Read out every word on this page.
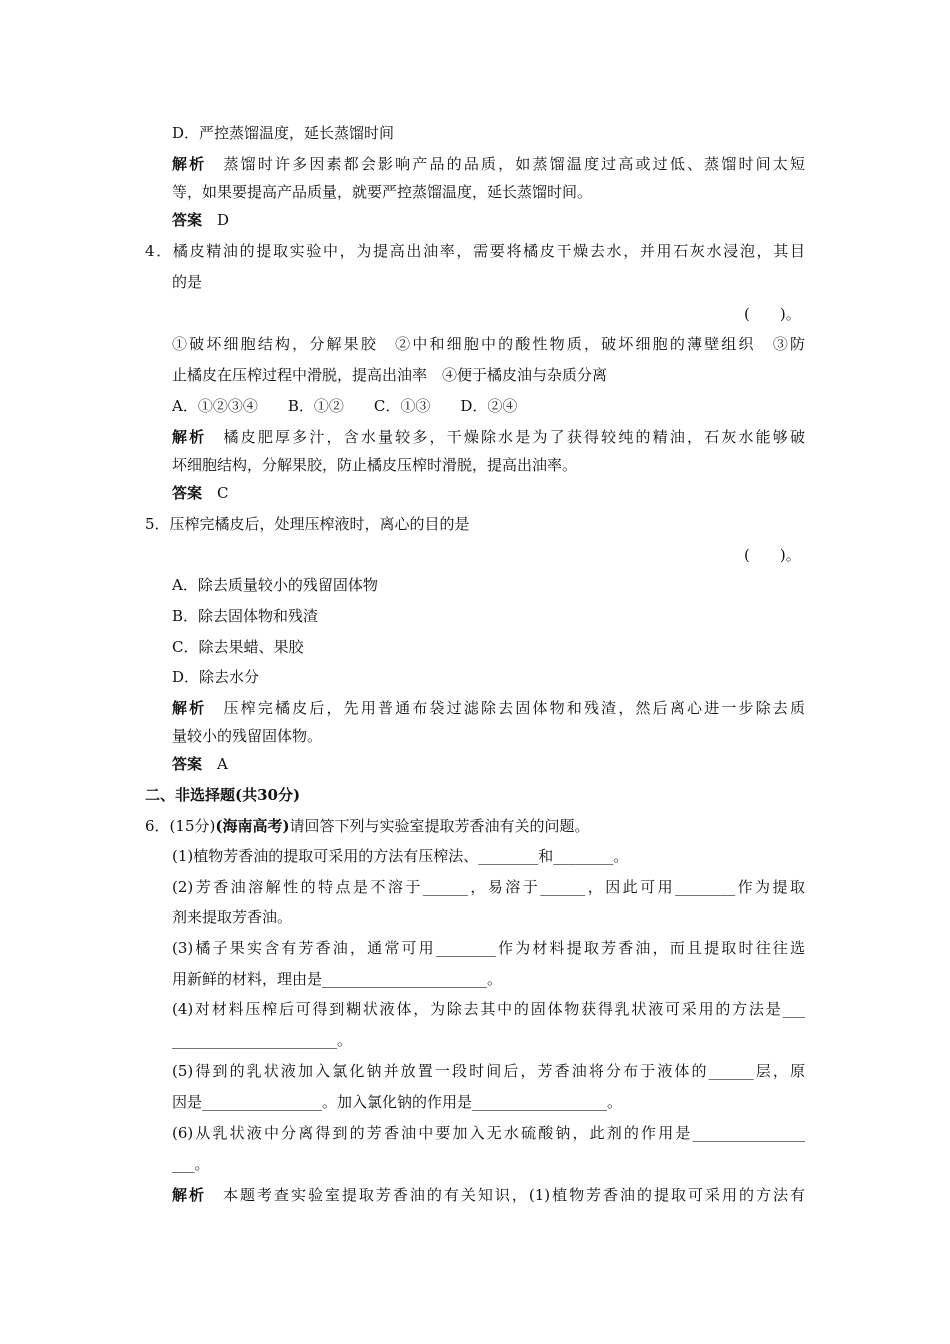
D．严控蒸馏温度，延长蒸馏时间
解析　 蒸馏时许多因素都会影响产品的品质，如蒸馏温度过高或过低、蒸馏时间太短
等，如果要提高产品质量，就要严控蒸馏温度，延长蒸馏时间。
答案　 D
4．橘皮精油的提取实验中，为提高出油率，需要将橘皮干燥去水，并用石灰水浸泡，其目
的是
(　　)。
①破坏细胞结构，分解果胶　②中和细胞中的酸性物质，破坏细胞的薄壁组织　③防
止橘皮在压榨过程中滑脱，提高出油率　④便于橘皮油与杂质分离
A．①②③④　　B．①②　　C．①③　　D．②④
解析　 橘皮肥厚多汁，含水量较多，干燥除水是为了获得较纯的精油，石灰水能够破
坏细胞结构，分解果胶，防止橘皮压榨时滑脱，提高出油率。
答案　 C
5．压榨完橘皮后，处理压榨液时，离心的目的是
(　　)。
A．除去质量较小的残留固体物
B．除去固体物和残渣
C．除去果蜡、果胶
D．除去水分
解析　 压榨完橘皮后，先用普通布袋过滤除去固体物和残渣，然后离心进一步除去质
量较小的残留固体物。
答案　 A
二、非选择题(共30分)
6．(15分)(海南高考)请回答下列与实验室提取芳香油有关的问题。
(1)植物芳香油的提取可采用的方法有压榨法、________和________。
(2)芳香油溶解性的特点是不溶于______，易溶于______，因此可用________作为提取
剂来提取芳香油。
(3)橘子果实含有芳香油，通常可用________作为材料提取芳香油，而且提取时往往选
用新鲜的材料，理由是______________________。
(4)对材料压榨后可得到糊状液体，为除去其中的固体物获得乳状液可采用的方法是___
______________________。
(5)得到的乳状液加入氯化钠并放置一段时间后，芳香油将分布于液体的______层，原
因是________________。加入氯化钠的作用是__________________。
(6)从乳状液中分离得到的芳香油中要加入无水硫酸钠，此剂的作用是_______________
___。
解析　 本题考查实验室提取芳香油的有关知识，(1)植物芳香油的提取可采用的方法有
